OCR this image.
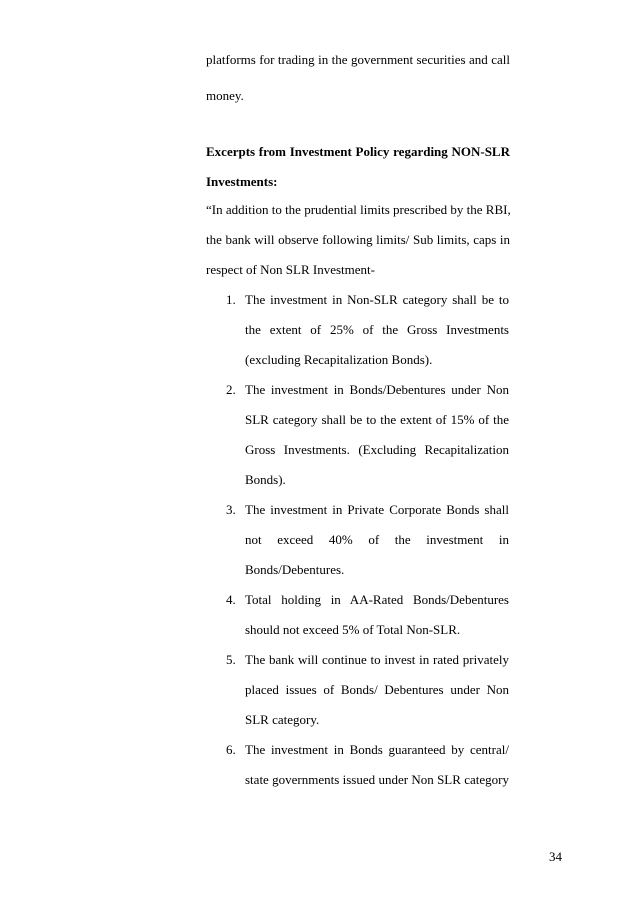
platforms for trading in the government securities and call
money.
Excerpts from Investment Policy regarding NON-SLR
Investments:
“In addition to the prudential limits prescribed by the RBI,
the bank will observe following limits/ Sub limits, caps in
respect of Non SLR Investment-
1. The investment in Non-SLR category shall be to
the extent of 25% of the Gross Investments
(excluding Recapitalization Bonds).
2. The investment in Bonds/Debentures under Non
SLR category shall be to the extent of 15% of the
Gross Investments. (Excluding Recapitalization
Bonds).
3. The investment in Private Corporate Bonds shall
not exceed 40% of the investment in
Bonds/Debentures.
4. Total holding in AA-Rated Bonds/Debentures
should not exceed 5% of Total Non-SLR.
5. The bank will continue to invest in rated privately
placed issues of Bonds/ Debentures under Non
SLR category.
6. The investment in Bonds guaranteed by central/
state governments issued under Non SLR category
34
